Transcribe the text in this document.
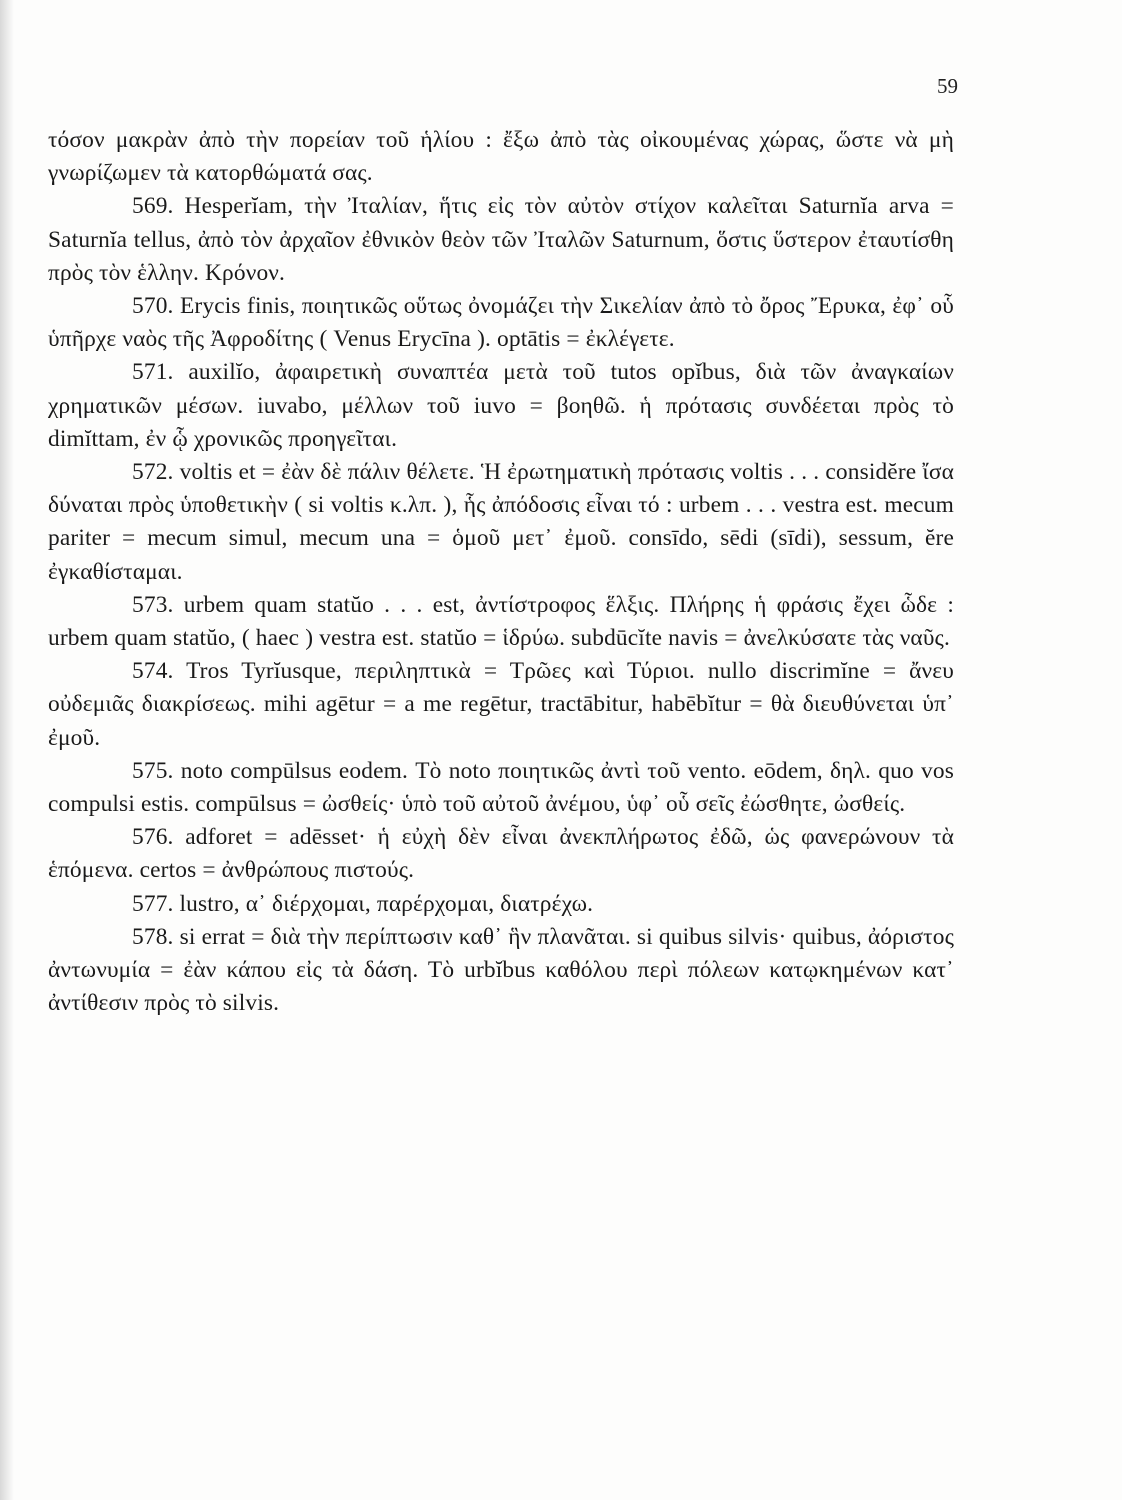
59

τόσον μακρὰν ἀπὸ τὴν πορείαν τοῦ ἡλίου : ἔξω ἀπὸ τὰς οἰκουμένας χώρας, ὥστε νὰ μὴ γνωρίζωμεν τὰ κατορθώματά σας.

569. Hesperĭam, τὴν Ἰταλίαν, ἥτις εἰς τὸν αὐτὸν στίχον καλεῖται Saturnĭa arva = Saturnĭa tellus, ἀπὸ τὸν ἀρχαῖον ἐθνικὸν θεὸν τῶν Ἰταλῶν Saturnum, ὅστις ὕστερον ἐταυτίσθη πρὸς τὸν ἑλλην. Κρόνον.

570. Erycis finis, ποιητικῶς οὕτως ὀνομάζει τὴν Σικελίαν ἀπὸ τὸ ὄρος Ἔρυκα, ἐφ᾽ οὗ ὑπῆρχε ναὸς τῆς Ἀφροδίτης ( Venus Erycīna ). optātis = ἐκλέγετε.

571. auxilĭo, ἀφαιρετικὴ συναπτέα μετὰ τοῦ tutos opĭbus, διὰ τῶν ἀναγκαίων χρηματικῶν μέσων. iuvabo, μέλλων τοῦ iuvo = βοηθῶ. ἡ πρότασις συνδέεται πρὸς τὸ dimĭttam, ἐν ᾧ χρονικῶς προηγεῖται.

572. voltis et = ἐὰν δὲ πάλιν θέλετε. Ἡ ἐρωτηματικὴ πρότασις voltis . . . considĕre ἴσα δύναται πρὸς ὑποθετικὴν ( si voltis κ.λπ. ), ἧς ἀπόδοσις εἶναι τό : urbem . . . vestra est. mecum pariter = mecum simul, mecum una = ὁμοῦ μετ᾽ ἐμοῦ. consīdo, sēdi (sīdi), sessum, ĕre ἐγκαθίσταμαι.

573. urbem quam statŭo . . . est, ἀντίστροφος ἕλξις. Πλήρης ἡ φράσις ἔχει ὧδε : urbem quam statŭo, ( haec ) vestra est. statŭo = ἱδρύω. subdūcĭte navis = ἀνελκύσατε τὰς ναῦς.

574. Tros Tyrĭusque, περιληπτικὰ = Τρῶες καὶ Τύριοι. nullo discrimĭne = ἄνευ οὐδεμιᾶς διακρίσεως. mihi agētur = a me regētur, tractābitur, habēbĭtur = θὰ διευθύνεται ὑπ᾽ ἐμοῦ.

575. noto compūlsus eodem. Τὸ noto ποιητικῶς ἀντὶ τοῦ vento. eōdem, δηλ. quo vos compulsi estis. compūlsus = ὠσθείς· ὑπὸ τοῦ αὐτοῦ ἀνέμου, ὑφ᾽ οὗ σεῖς ἐώσθητε, ὠσθείς.

576. adforet = adēsset· ἡ εὐχὴ δὲν εἶναι ἀνεκπλήρωτος ἐδῶ, ὡς φανερώνουν τὰ ἑπόμενα. certos = ἀνθρώπους πιστούς.

577. lustro, α᾽ διέρχομαι, παρέρχομαι, διατρέχω.

578. si errat = διὰ τὴν περίπτωσιν καθ᾽ ἣν πλανᾶται. si quibus silvis· quibus, ἀόριστος ἀντωνυμία = ἐὰν κάπου εἰς τὰ δάση. Τὸ urbĭbus καθόλου περὶ πόλεων κατῳκημένων κατ᾽ ἀντίθεσιν πρὸς τὸ silvis.
